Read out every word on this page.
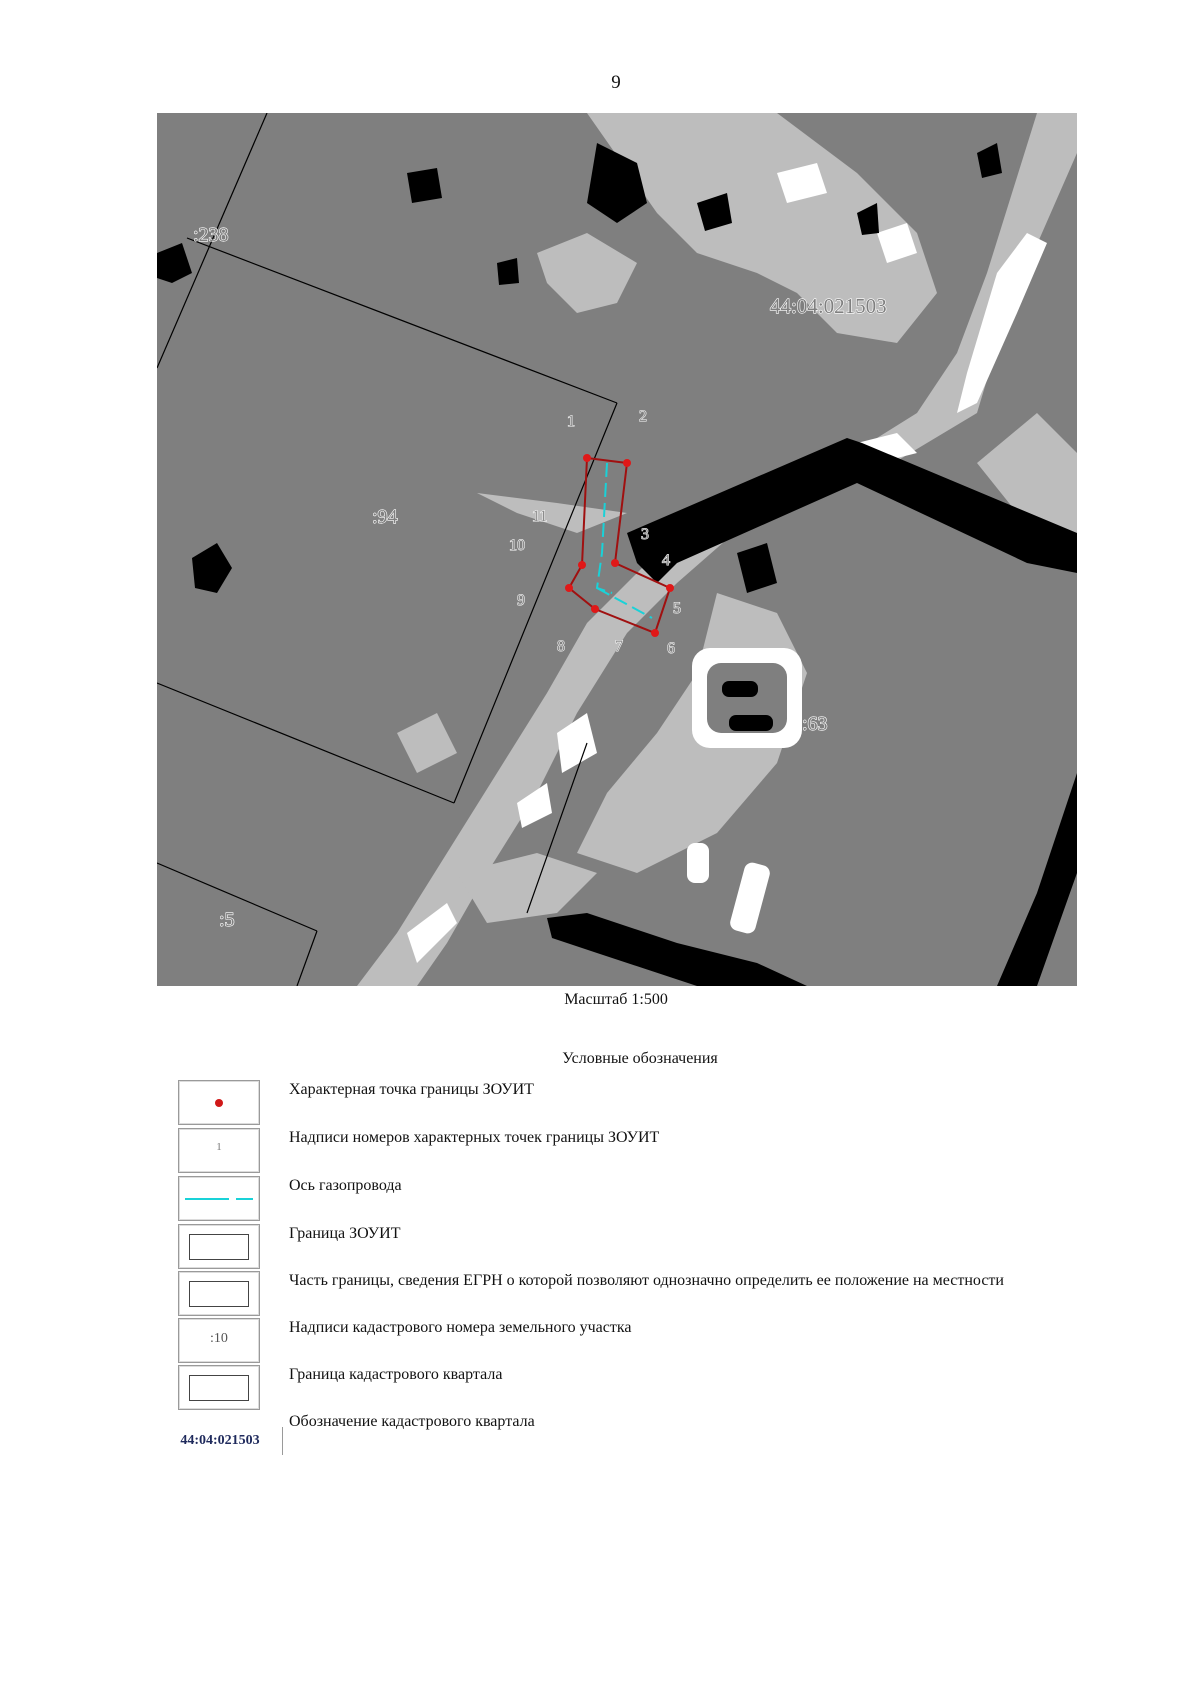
9
1	2
3
4
5
6
7
8
9
10
11
:238
:94
:63
:5
44:04:021503
Масштаб 1:500
Условные обозначения
Характерная точка границы ЗОУИТ
1
Надписи номеров характерных точек границы ЗОУИТ
Ось газопровода
Граница ЗОУИТ
Часть границы, сведения ЕГРН о которой позволяют однозначно определить ее положение на местности
:10
Надписи кадастрового номера земельного участка
Граница кадастрового квартала
44:04:021503
Обозначение кадастрового квартала
